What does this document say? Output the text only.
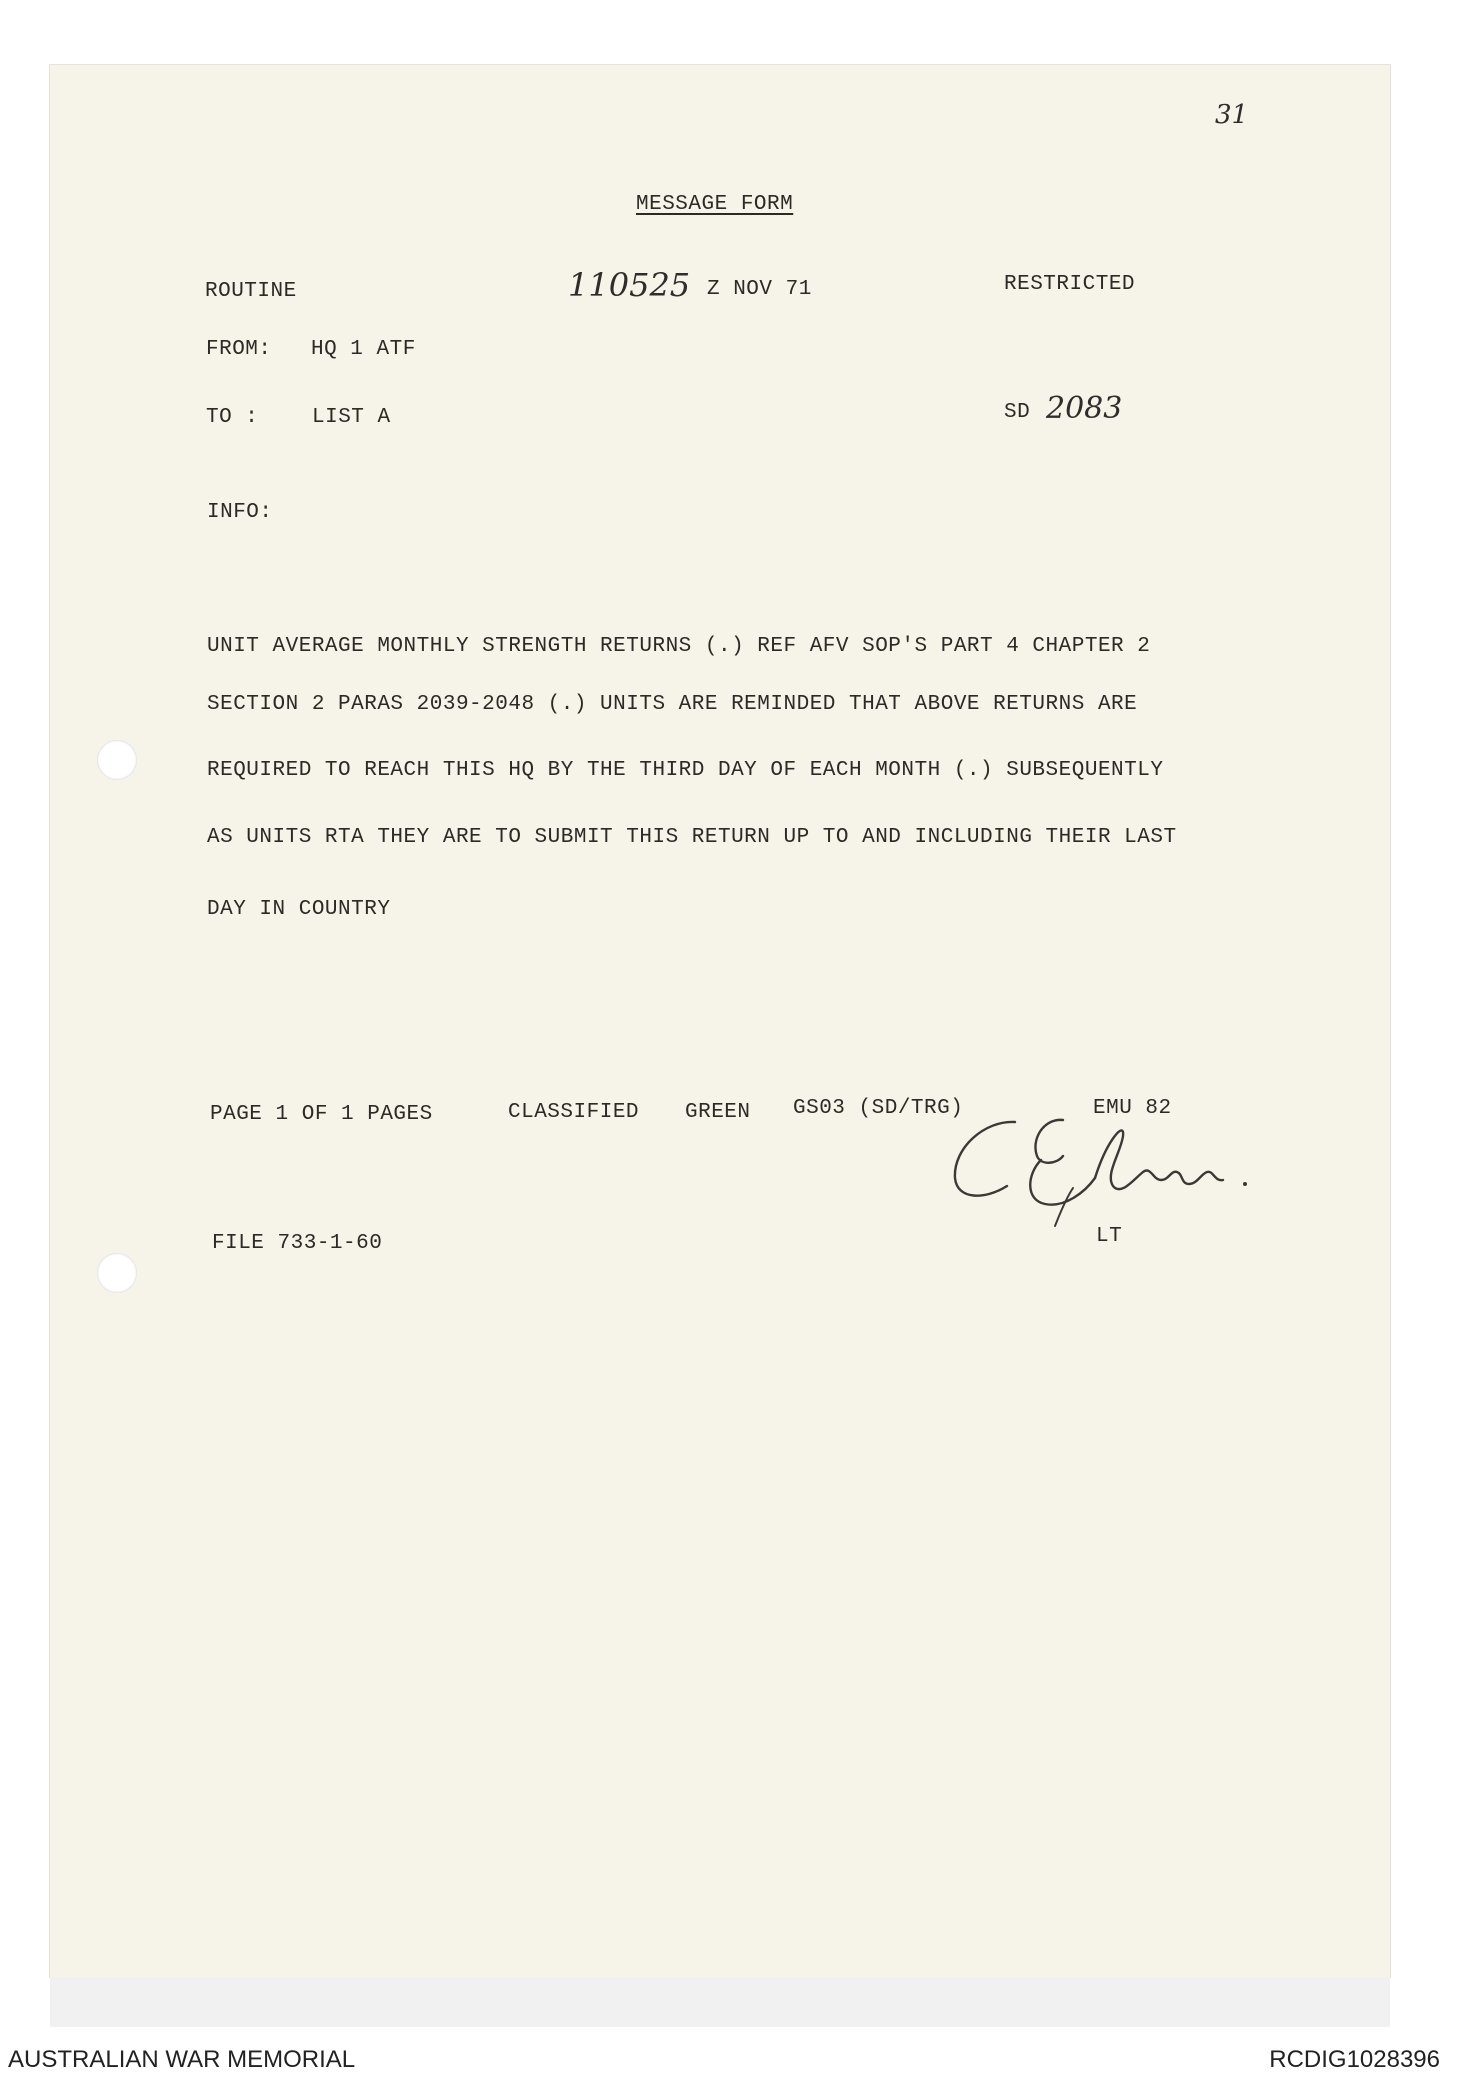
31
MESSAGE FORM
ROUTINE	110525 Z NOV 71	RESTRICTED
FROM: HQ 1 ATF
TO :	LIST A	SD 2083
INFO:
UNIT AVERAGE MONTHLY STRENGTH RETURNS (.) REF AFV SOP'S PART 4 CHAPTER 2
SECTION 2 PARAS 2039-2048 (.) UNITS ARE REMINDED THAT ABOVE RETURNS ARE
REQUIRED TO REACH THIS HQ BY THE THIRD DAY OF EACH MONTH (.) SUBSEQUENTLY
AS UNITS RTA THEY ARE TO SUBMIT THIS RETURN UP TO AND INCLUDING THEIR LAST
DAY IN COUNTRY
PAGE 1 OF 1 PAGES	CLASSIFIED GREEN GS03 (SD/TRG)	EMU 82
LT
FILE 733-1-60
AUSTRALIAN WAR MEMORIAL	RCDIG1028396
